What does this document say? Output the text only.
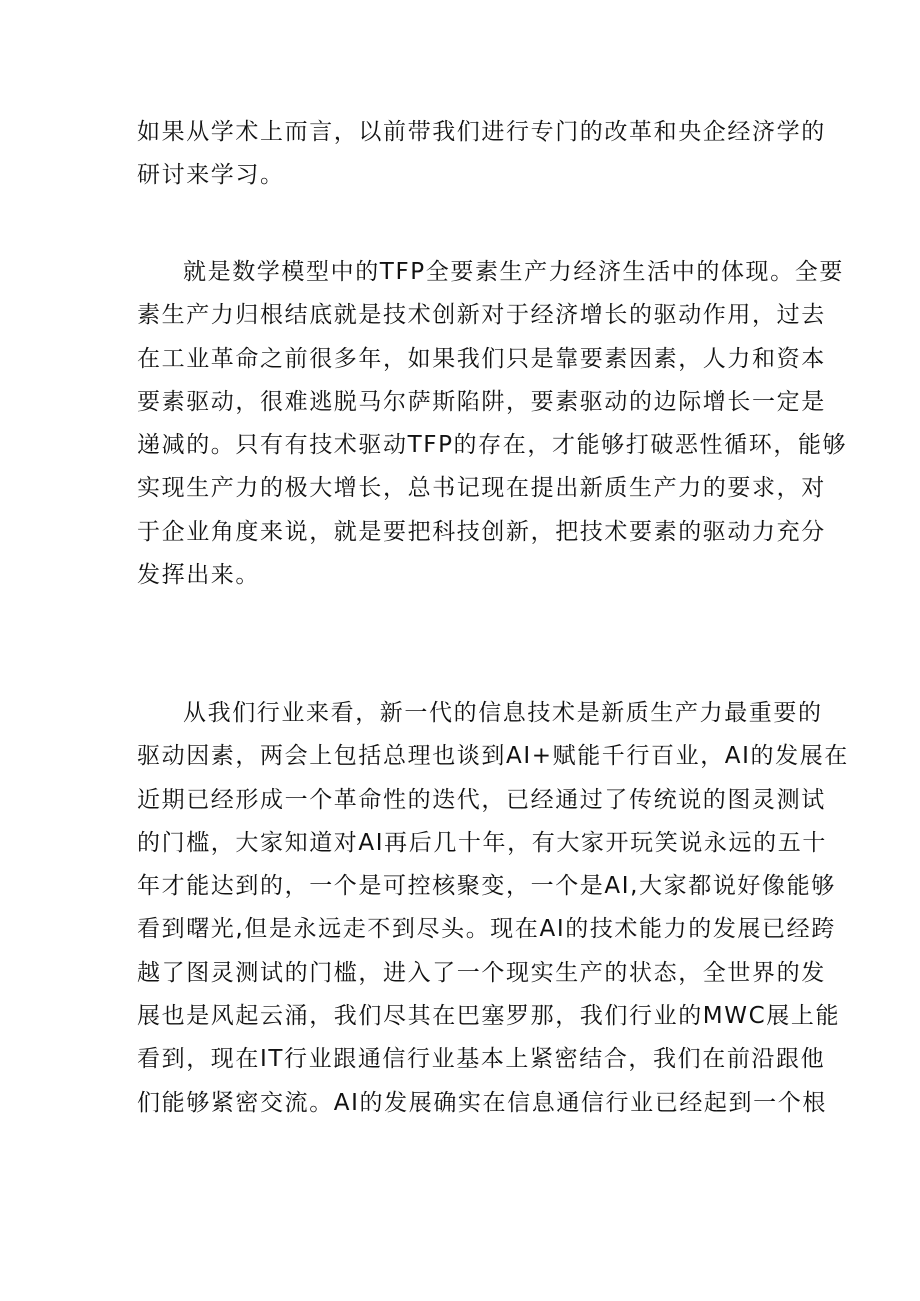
如果从学术上而言，以前带我们进行专门的改革和央企经济学的
研讨来学习。
就是数学模型中的TFP全要素生产力经济生活中的体现。全要
素生产力归根结底就是技术创新对于经济增长的驱动作用，过去
在工业革命之前很多年，如果我们只是靠要素因素，人力和资本
要素驱动，很难逃脱马尔萨斯陷阱，要素驱动的边际增长一定是
递减的。只有有技术驱动TFP的存在，才能够打破恶性循环，能够
实现生产力的极大增长，总书记现在提出新质生产力的要求，对
于企业角度来说，就是要把科技创新，把技术要素的驱动力充分
发挥出来。
从我们行业来看，新一代的信息技术是新质生产力最重要的
驱动因素，两会上包括总理也谈到AI+赋能千行百业，AI的发展在
近期已经形成一个革命性的迭代，已经通过了传统说的图灵测试
的门槛，大家知道对AI再后几十年，有大家开玩笑说永远的五十
年才能达到的，一个是可控核聚变，一个是AI,大家都说好像能够
看到曙光,但是永远走不到尽头。现在AI的技术能力的发展已经跨
越了图灵测试的门槛，进入了一个现实生产的状态，全世界的发
展也是风起云涌，我们尽其在巴塞罗那，我们行业的MWC展上能
看到，现在IT行业跟通信行业基本上紧密结合，我们在前沿跟他
们能够紧密交流。AI的发展确实在信息通信行业已经起到一个根
